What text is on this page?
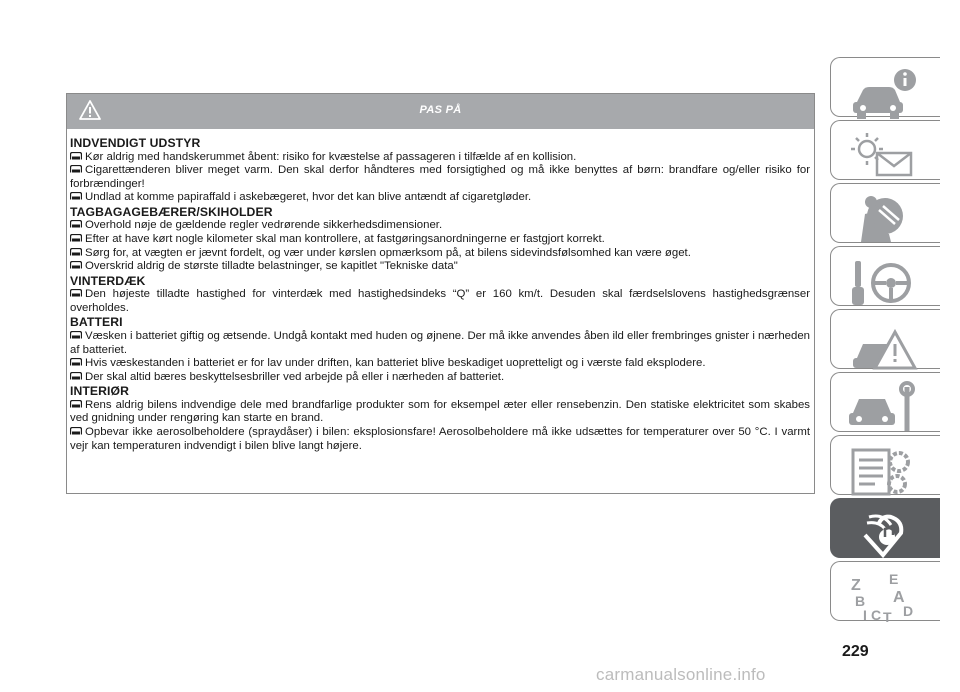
PAS PÅ
INDVENDIGT UDSTYR
Kør aldrig med handskerummet åbent: risiko for kvæstelse af passageren i tilfælde af en kollision.
Cigarettænderen bliver meget varm. Den skal derfor håndteres med forsigtighed og må ikke benyttes af børn: brandfare og/eller risiko for forbrændinger!
Undlad at komme papiraffald i askebægeret, hvor det kan blive antændt af cigaretgløder.
TAGBAGAGEBÆRER/SKIHOLDER
Overhold nøje de gældende regler vedrørende sikkerhedsdimensioner.
Efter at have kørt nogle kilometer skal man kontrollere, at fastgøringsanordningerne er fastgjort korrekt.
Sørg for, at vægten er jævnt fordelt, og vær under kørslen opmærksom på, at bilens sidevindsfølsomhed kan være øget.
Overskrid aldrig de største tilladte belastninger, se kapitlet "Tekniske data"
VINTERDÆK
Den højeste tilladte hastighed for vinterdæk med hastighedsindeks “Q” er 160 km/t. Desuden skal færdselslovens hastighedsgrænser overholdes.
BATTERI
Væsken i batteriet giftig og ætsende. Undgå kontakt med huden og øjnene. Der må ikke anvendes åben ild eller frembringes gnister i nærheden af batteriet.
Hvis væskestanden i batteriet er for lav under driften, kan batteriet blive beskadiget uopretteligt og i værste fald eksplodere.
Der skal altid bæres beskyttelsesbriller ved arbejde på eller i nærheden af batteriet.
INTERIØR
Rens aldrig bilens indvendige dele med brandfarlige produkter som for eksempel æter eller rensebenzin. Den statiske elektricitet som skabes ved gnidning under rengøring kan starte en brand.
Opbevar ikke aerosolbeholdere (spraydåser) i bilen: eksplosionsfare! Aerosolbeholdere må ikke udsættes for temperaturer over 50 °C. I varmt vejr kan temperaturen indvendigt i bilen blive langt højere.
Z E
B A
I C T D
229
carmanualsonline.info
